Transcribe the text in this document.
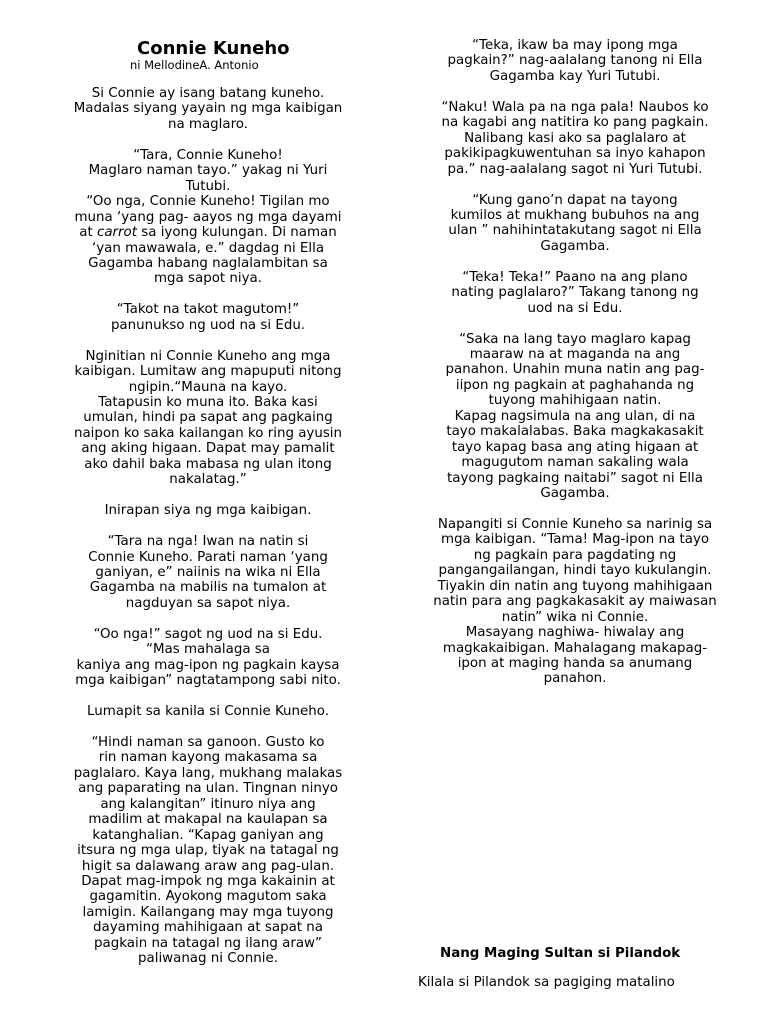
Connie Kuneho

ni MellodineA. Antonio

Si Connie ay isang batang kuneho.
Madalas siyang yayain ng mga kaibigan
na maglaro.
“Tara, Connie Kuneho!
Maglaro naman tayo.” yakag ni Yuri
Tutubi.
“Oo nga, Connie Kuneho! Tigilan mo
muna ‘yang pag- aayos ng mga dayami
at carrot sa iyong kulungan. Di naman
‘yan mawawala, e.” dagdag ni Ella
Gagamba habang naglalambitan sa
mga sapot niya.
“Takot na takot magutom!”
panunukso ng uod na si Edu.
Nginitian ni Connie Kuneho ang mga
kaibigan. Lumitaw ang mapuputi nitong
ngipin.“Mauna na kayo.
Tatapusin ko muna ito. Baka kasi
umulan, hindi pa sapat ang pagkaing
naipon ko saka kailangan ko ring ayusin
ang aking higaan. Dapat may pamalit
ako dahil baka mabasa ng ulan itong
nakalatag.”
Inirapan siya ng mga kaibigan.
“Tara na nga! Iwan na natin si
Connie Kuneho. Parati naman ‘yang
ganiyan, e” naiinis na wika ni Ella
Gagamba na mabilis na tumalon at
nagduyan sa sapot niya.
“Oo nga!” sagot ng uod na si Edu.
“Mas mahalaga sa
kaniya ang mag-ipon ng pagkain kaysa
mga kaibigan” nagtatampong sabi nito.
Lumapit sa kanila si Connie Kuneho.
“Hindi naman sa ganoon. Gusto ko
rin naman kayong makasama sa
paglalaro. Kaya lang, mukhang malakas
ang paparating na ulan. Tingnan ninyo
ang kalangitan” itinuro niya ang
madilim at makapal na kaulapan sa
katanghalian. “Kapag ganiyan ang
itsura ng mga ulap, tiyak na tatagal ng
higit sa dalawang araw ang pag-ulan.
Dapat mag-impok ng mga kakainin at
gagamitin. Ayokong magutom saka
lamigin. Kailangang may mga tuyong
dayaming mahihigaan at sapat na
pagkain na tatagal ng ilang araw”
paliwanag ni Connie.
“Teka, ikaw ba may ipong mga
pagkain?” nag-aalalang tanong ni Ella
Gagamba kay Yuri Tutubi.
“Naku! Wala pa na nga pala! Naubos ko
na kagabi ang natitira ko pang pagkain.
Nalibang kasi ako sa paglalaro at
pakikipagkuwentuhan sa inyo kahapon
pa.” nag-aalalang sagot ni Yuri Tutubi.
“Kung gano’n dapat na tayong
kumilos at mukhang bubuhos na ang
ulan ” nahihintatakutang sagot ni Ella
Gagamba.
“Teka! Teka!” Paano na ang plano
nating paglalaro?” Takang tanong ng
uod na si Edu.
“Saka na lang tayo maglaro kapag
maaraw na at maganda na ang
panahon. Unahin muna natin ang pag-
iipon ng pagkain at paghahanda ng
tuyong mahihigaan natin.
Kapag nagsimula na ang ulan, di na
tayo makalalabas. Baka magkakasakit
tayo kapag basa ang ating higaan at
magugutom naman sakaling wala
tayong pagkaing naitabi” sagot ni Ella
Gagamba.
Napangiti si Connie Kuneho sa narinig sa
mga kaibigan. “Tama! Mag-ipon na tayo
ng pagkain para pagdating ng
pangangailangan, hindi tayo kukulangin.
Tiyakin din natin ang tuyong mahihigaan
natin para ang pagkakasakit ay maiwasan
natin” wika ni Connie.
Masayang naghiwa- hiwalay ang
magkakaibigan. Mahalagang makapag-
ipon at maging handa sa anumang
panahon.
Nang Maging Sultan si Pilandok
Kilala si Pilandok sa pagiging matalino
